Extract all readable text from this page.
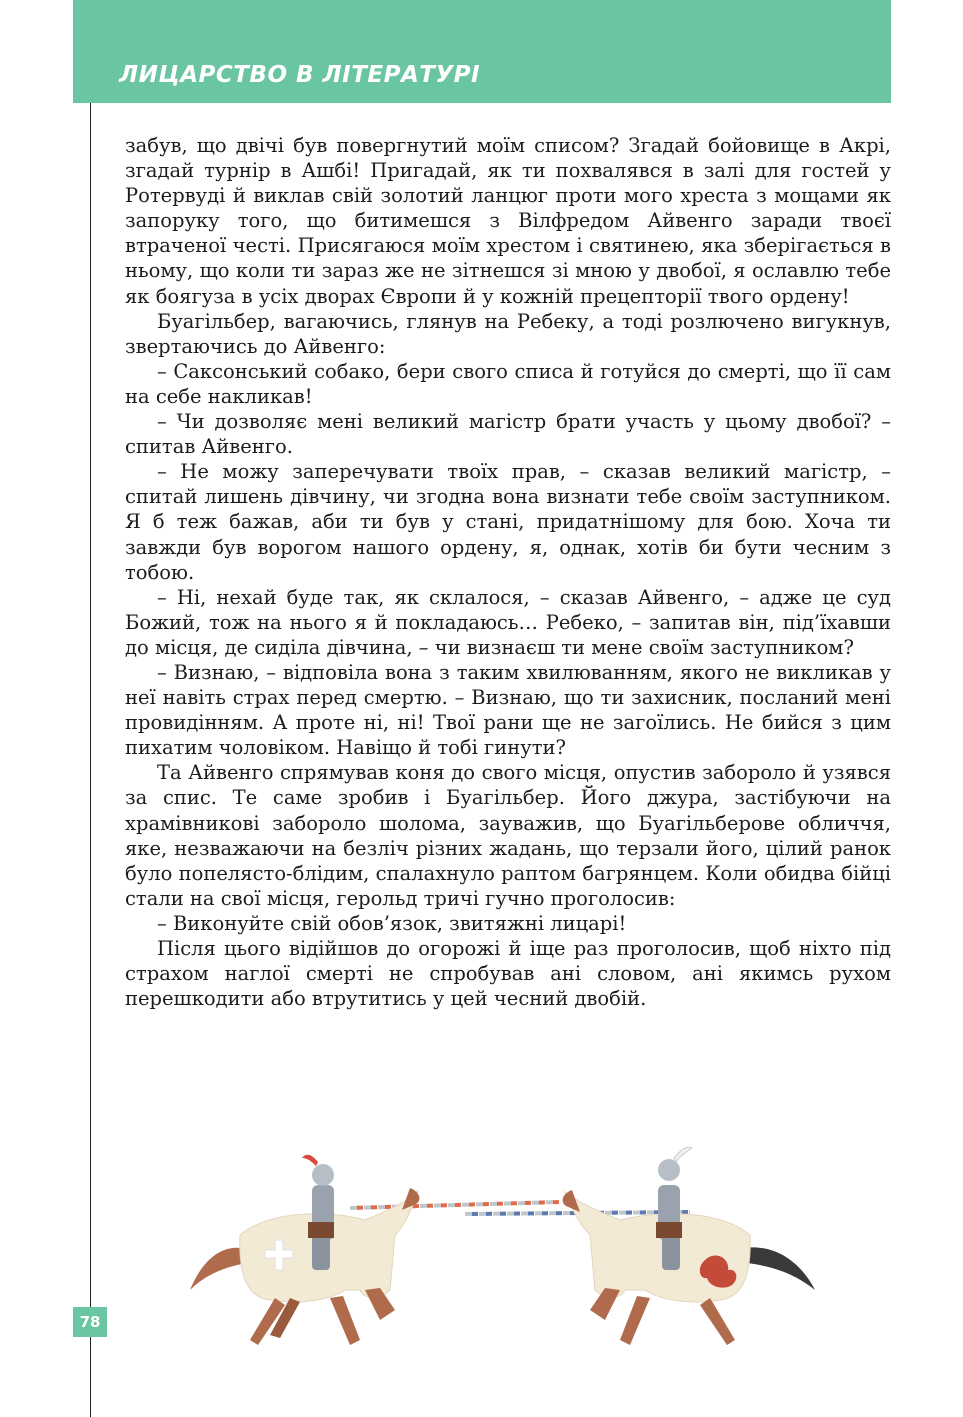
ЛИЦАРСТВО В ЛІТЕРАТУРІ

забув, що двічі був повергнутий моїм списом? Згадай бойовище в Акрі, згадай турнір в Ашбі! Пригадай, як ти похвалявся в залі для гостей у Ротервуді й виклав свій золотий ланцюг проти мого хреста з мощами як запоруку того, що битимешся з Вілфредом Айвенго заради твоєї втраченої честі. Присягаюся моїм хрестом і святинею, яка зберігається в ньому, що коли ти зараз же не зітнешся зі мною у двобої, я ославлю тебе як боягуза в усіх дворах Європи й у кожній прецепторії твого ордену!

Буагільбер, вагаючись, глянув на Ребеку, а тоді розлючено вигукнув, звертаючись до Айвенго:

– Саксонський собако, бери свого списа й готуйся до смерті, що її сам на себе накликав!

– Чи дозволяє мені великий магістр брати участь у цьому двобої? – спитав Айвенго.

– Не можу заперечувати твоїх прав, – сказав великий магістр, – спитай лишень дівчину, чи згодна вона визнати тебе своїм заступником. Я б теж бажав, аби ти був у стані, придатнішому для бою. Хоча ти завжди був ворогом нашого ордену, я, однак, хотів би бути чесним з тобою.

– Ні, нехай буде так, як склалося, – сказав Айвенго, – адже це суд Божий, тож на нього я й покладаюсь… Ребеко, – запитав він, під’їхавши до місця, де сиділа дівчина, – чи визнаєш ти мене своїм заступником?

– Визнаю, – відповіла вона з таким хвилюванням, якого не викликав у неї навіть страх перед смертю. – Визнаю, що ти захисник, посланий мені провидінням. А проте ні, ні! Твої рани ще не загоїлись. Не бийся з цим пихатим чоловіком. Навіщо й тобі гинути?

Та Айвенго спрямував коня до свого місця, опустив забороло й узявся за спис. Те саме зробив і Буагільбер. Його джура, застібуючи на храмівникові забороло шолома, зауважив, що Буагільберове обличчя, яке, незважаючи на безліч різних жадань, що терзали його, цілий ранок було попелясто-блідим, спалахнуло раптом багрянцем. Коли обидва бійці стали на свої місця, герольд тричі гучно проголосив:

– Виконуйте свій обов’язок, звитяжні лицарі!

Після цього відійшов до огорожі й іще раз проголосив, щоб ніхто під страхом наглої смерті не спробував ані словом, ані якимсь рухом перешкодити або втрутитись у цей чесний двобій.

78
